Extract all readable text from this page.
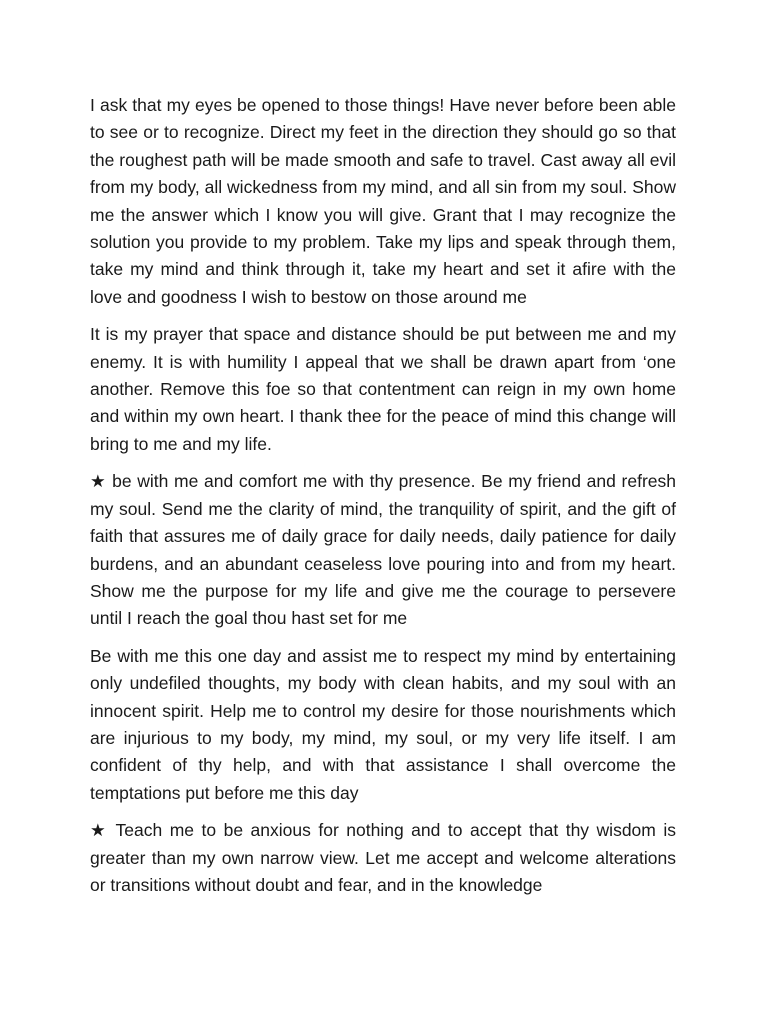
I ask that my eyes be opened to those things! Have never before been able to see or to recognize. Direct my feet in the direction they should go so that the roughest path will be made smooth and safe to travel. Cast away all evil from my body, all wickedness from my mind, and all sin from my soul. Show me the answer which I know you will give. Grant that I may recognize the solution you provide to my problem. Take my lips and speak through them, take my mind and think through it, take my heart and set it afire with the love and goodness I wish to bestow on those around me

It is my prayer that space and distance should be put between me and my enemy. It is with humility I appeal that we shall be drawn apart from ‘one another. Remove this foe so that contentment can reign in my own home and within my own heart. I thank thee for the peace of mind this change will bring to me and my life.

★ be with me and comfort me with thy presence. Be my friend and refresh my soul. Send me the clarity of mind, the tranquility of spirit, and the gift of faith that assures me of daily grace for daily needs, daily patience for daily burdens, and an abundant ceaseless love pouring into and from my heart. Show me the purpose for my life and give me the courage to persevere until I reach the goal thou hast set for me

Be with me this one day and assist me to respect my mind by entertaining only undefiled thoughts, my body with clean habits, and my soul with an innocent spirit. Help me to control my desire for those nourishments which are injurious to my body, my mind, my soul, or my very life itself. I am confident of thy help, and with that assistance I shall overcome the temptations put before me this day

★ Teach me to be anxious for nothing and to accept that thy wisdom is greater than my own narrow view. Let me accept and welcome alterations or transitions without doubt and fear, and in the knowledge
